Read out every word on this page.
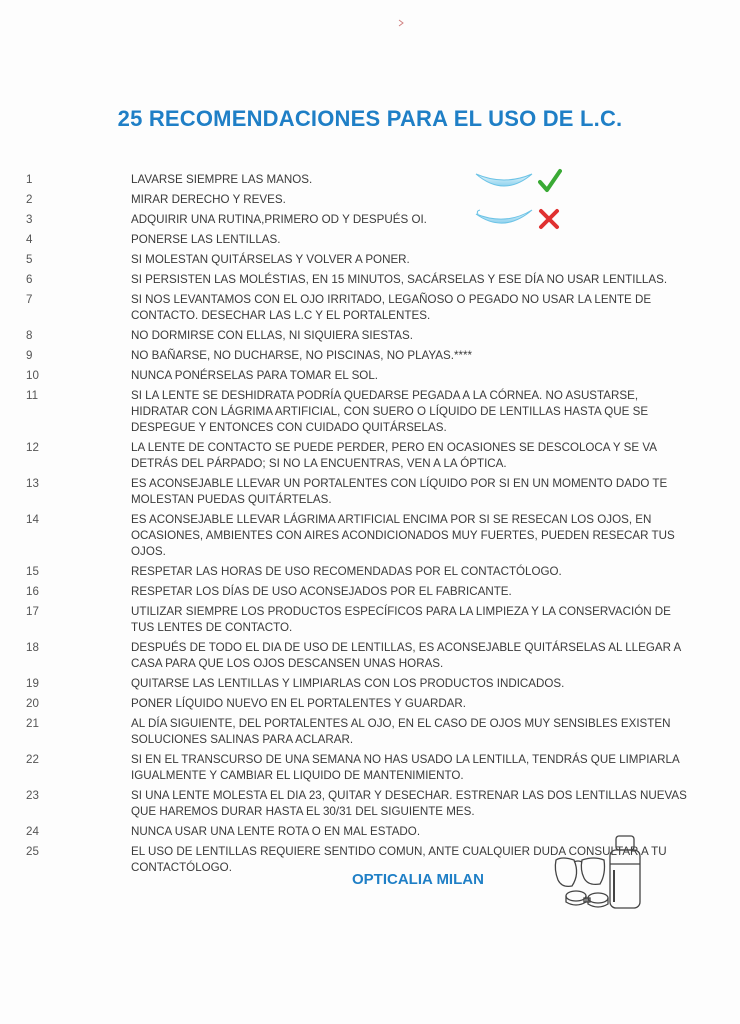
25 RECOMENDACIONES PARA EL USO DE L.C.
1	LAVARSE SIEMPRE LAS MANOS.
2	MIRAR DERECHO Y REVES.
3	ADQUIRIR UNA RUTINA,PRIMERO OD Y DESPUÉS OI.
4	PONERSE LAS LENTILLAS.
5	SI MOLESTAN QUITÁRSELAS Y VOLVER A PONER.
6	SI PERSISTEN LAS MOLÉSTIAS, EN 15 MINUTOS, SACÁRSELAS Y ESE DÍA NO USAR LENTILLAS.
7	SI NOS LEVANTAMOS CON EL OJO IRRITADO, LEGAÑOSO O PEGADO NO USAR LA LENTE DE CONTACTO. DESECHAR LAS L.C Y EL PORTALENTES.
8	NO DORMIRSE CON ELLAS, NI SIQUIERA SIESTAS.
9	NO BAÑARSE, NO DUCHARSE, NO PISCINAS, NO PLAYAS.****
10	NUNCA PONÉRSELAS PARA TOMAR EL SOL.
11	SI LA LENTE SE DESHIDRATA PODRÍA QUEDARSE PEGADA A LA CÓRNEA. NO ASUSTARSE, HIDRATAR CON LÁGRIMA ARTIFICIAL, CON SUERO O LÍQUIDO DE LENTILLAS HASTA QUE SE DESPEGUE Y ENTONCES CON CUIDADO QUITÁRSELAS.
12	LA LENTE DE CONTACTO SE PUEDE PERDER, PERO EN OCASIONES SE DESCOLOCA Y SE VA DETRÁS DEL PÁRPADO; SI NO LA ENCUENTRAS, VEN A LA ÓPTICA.
13	ES ACONSEJABLE LLEVAR UN PORTALENTES CON LÍQUIDO POR SI EN UN MOMENTO DADO TE MOLESTAN PUEDAS QUITÁRTELAS.
14	ES ACONSEJABLE LLEVAR LÁGRIMA ARTIFICIAL ENCIMA POR SI SE RESECAN LOS OJOS, EN OCASIONES, AMBIENTES CON AIRES ACONDICIONADOS MUY FUERTES, PUEDEN RESECAR TUS OJOS.
15	RESPETAR LAS HORAS DE USO RECOMENDADAS POR EL CONTACTÓLOGO.
16	RESPETAR LOS DÍAS DE USO ACONSEJADOS POR EL FABRICANTE.
17	UTILIZAR SIEMPRE LOS PRODUCTOS ESPECÍFICOS PARA LA LIMPIEZA Y LA CONSERVACIÓN DE TUS LENTES DE CONTACTO.
18	DESPUÉS DE TODO EL DIA DE USO DE LENTILLAS, ES ACONSEJABLE QUITÁRSELAS AL LLEGAR A CASA PARA QUE LOS OJOS DESCANSEN UNAS HORAS.
19	QUITARSE LAS LENTILLAS Y LIMPIARLAS CON LOS PRODUCTOS INDICADOS.
20	PONER LÍQUIDO NUEVO EN EL PORTALENTES Y GUARDAR.
21	AL DÍA SIGUIENTE, DEL PORTALENTES AL OJO, EN EL CASO DE OJOS MUY SENSIBLES EXISTEN SOLUCIONES SALINAS PARA ACLARAR.
22	SI EN EL TRANSCURSO DE UNA SEMANA NO HAS USADO LA LENTILLA, TENDRÁS QUE LIMPIARLA IGUALMENTE Y CAMBIAR EL LIQUIDO DE MANTENIMIENTO.
23	SI UNA LENTE MOLESTA EL DIA 23, QUITAR Y DESECHAR. ESTRENAR LAS DOS LENTILLAS NUEVAS QUE HAREMOS DURAR HASTA EL 30/31 DEL SIGUIENTE MES.
24	NUNCA USAR UNA LENTE ROTA O EN MAL ESTADO.
25	EL USO DE LENTILLAS REQUIERE SENTIDO COMUN, ANTE CUALQUIER DUDA CONSULTAR A TU CONTACTÓLOGO.
OPTICALIA MILAN
